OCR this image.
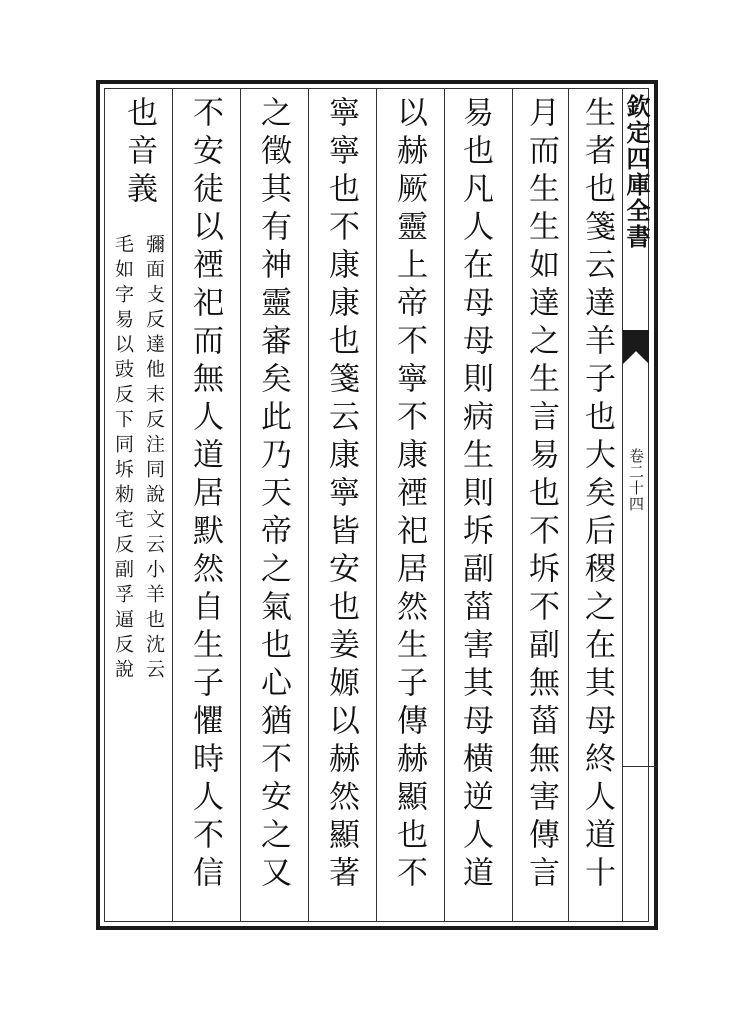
欽定四庫全書
卷二十四
生者也箋云達羊子也大矣后稷之在其母終人道十
月而生生如達之生言易也不坼不副無菑無害傳言
易也凡人在母母則病生則坼副菑害其母横逆人道
以赫厥靈上帝不寧不康禋祀居然生子傳赫顯也不
寧寧也不康康也箋云康寧皆安也姜嫄以赫然顯著
之徵其有神靈審矣此乃天帝之氣也心猶不安之又
不安徒以禋祀而無人道居默然自生子懼時人不信
也音義
彌面攴反達他末反注同說文云小羊也沈云
毛如字易以豉反下同坼勑宅反副孚逼反說
